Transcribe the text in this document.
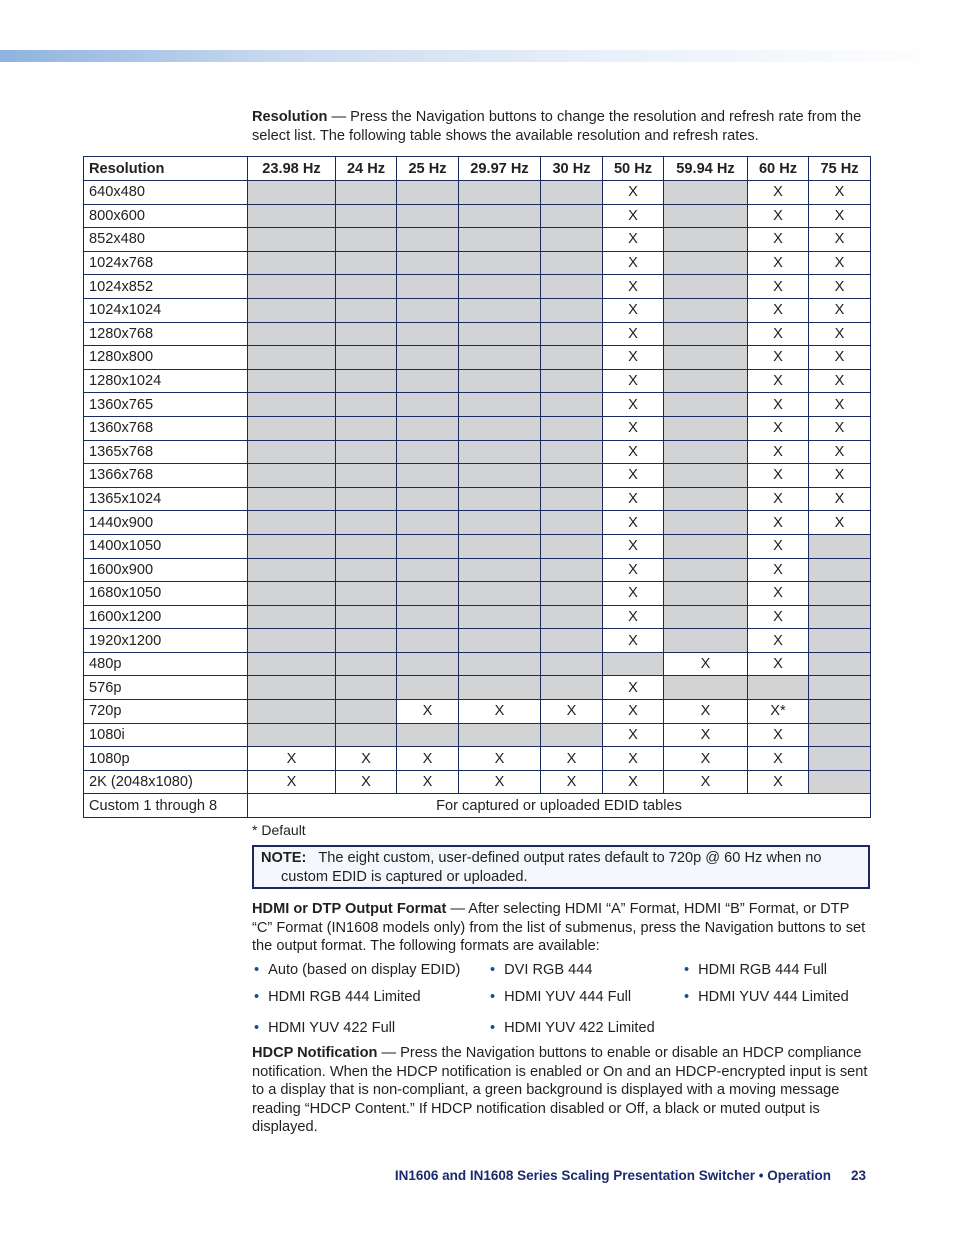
Resolution — Press the Navigation buttons to change the resolution and refresh rate from the select list. The following table shows the available resolution and refresh rates.
Resolution	23.98 Hz	24 Hz	25 Hz	29.97 Hz	30 Hz	50 Hz	59.94 Hz	60 Hz	75 Hz
640x480						X		X	X
800x600						X		X	X
852x480						X		X	X
1024x768						X		X	X
1024x852						X		X	X
1024x1024						X		X	X
1280x768						X		X	X
1280x800						X		X	X
1280x1024						X		X	X
1360x765						X		X	X
1360x768						X		X	X
1365x768						X		X	X
1366x768						X		X	X
1365x1024						X		X	X
1440x900						X		X	X
1400x1050						X		X	
1600x900						X		X	
1680x1050						X		X	
1600x1200						X		X	
1920x1200						X		X	
480p							X	X	
576p						X			
720p			X	X	X	X	X	X*	
1080i						X	X	X	
1080p	X	X	X	X	X	X	X	X	
2K (2048x1080)	X	X	X	X	X	X	X	X	
Custom 1 through 8	For captured or uploaded EDID tables								
* Default
NOTE: The eight custom, user-defined output rates default to 720p @ 60 Hz when no
custom EDID is captured or uploaded.
HDMI or DTP Output Format — After selecting HDMI “A” Format, HDMI “B” Format, or DTP “C” Format (IN1608 models only) from the list of submenus, press the Navigation buttons to set the output format. The following formats are available:
• Auto (based on display EDID) • DVI RGB 444	• HDMI RGB 444 Full
• HDMI RGB 444 Limited	• HDMI YUV 444 Full	• HDMI YUV 444 Limited
• HDMI YUV 422 Full	• HDMI YUV 422 Limited
HDCP Notification — Press the Navigation buttons to enable or disable an HDCP compliance notification. When the HDCP notification is enabled or On and an HDCP-encrypted input is sent to a display that is non-compliant, a green background is displayed with a moving message reading “HDCP Content.” If HDCP notification disabled or Off, a black or muted output is displayed.
IN1606 and IN1608 Series Scaling Presentation Switcher • Operation 23
